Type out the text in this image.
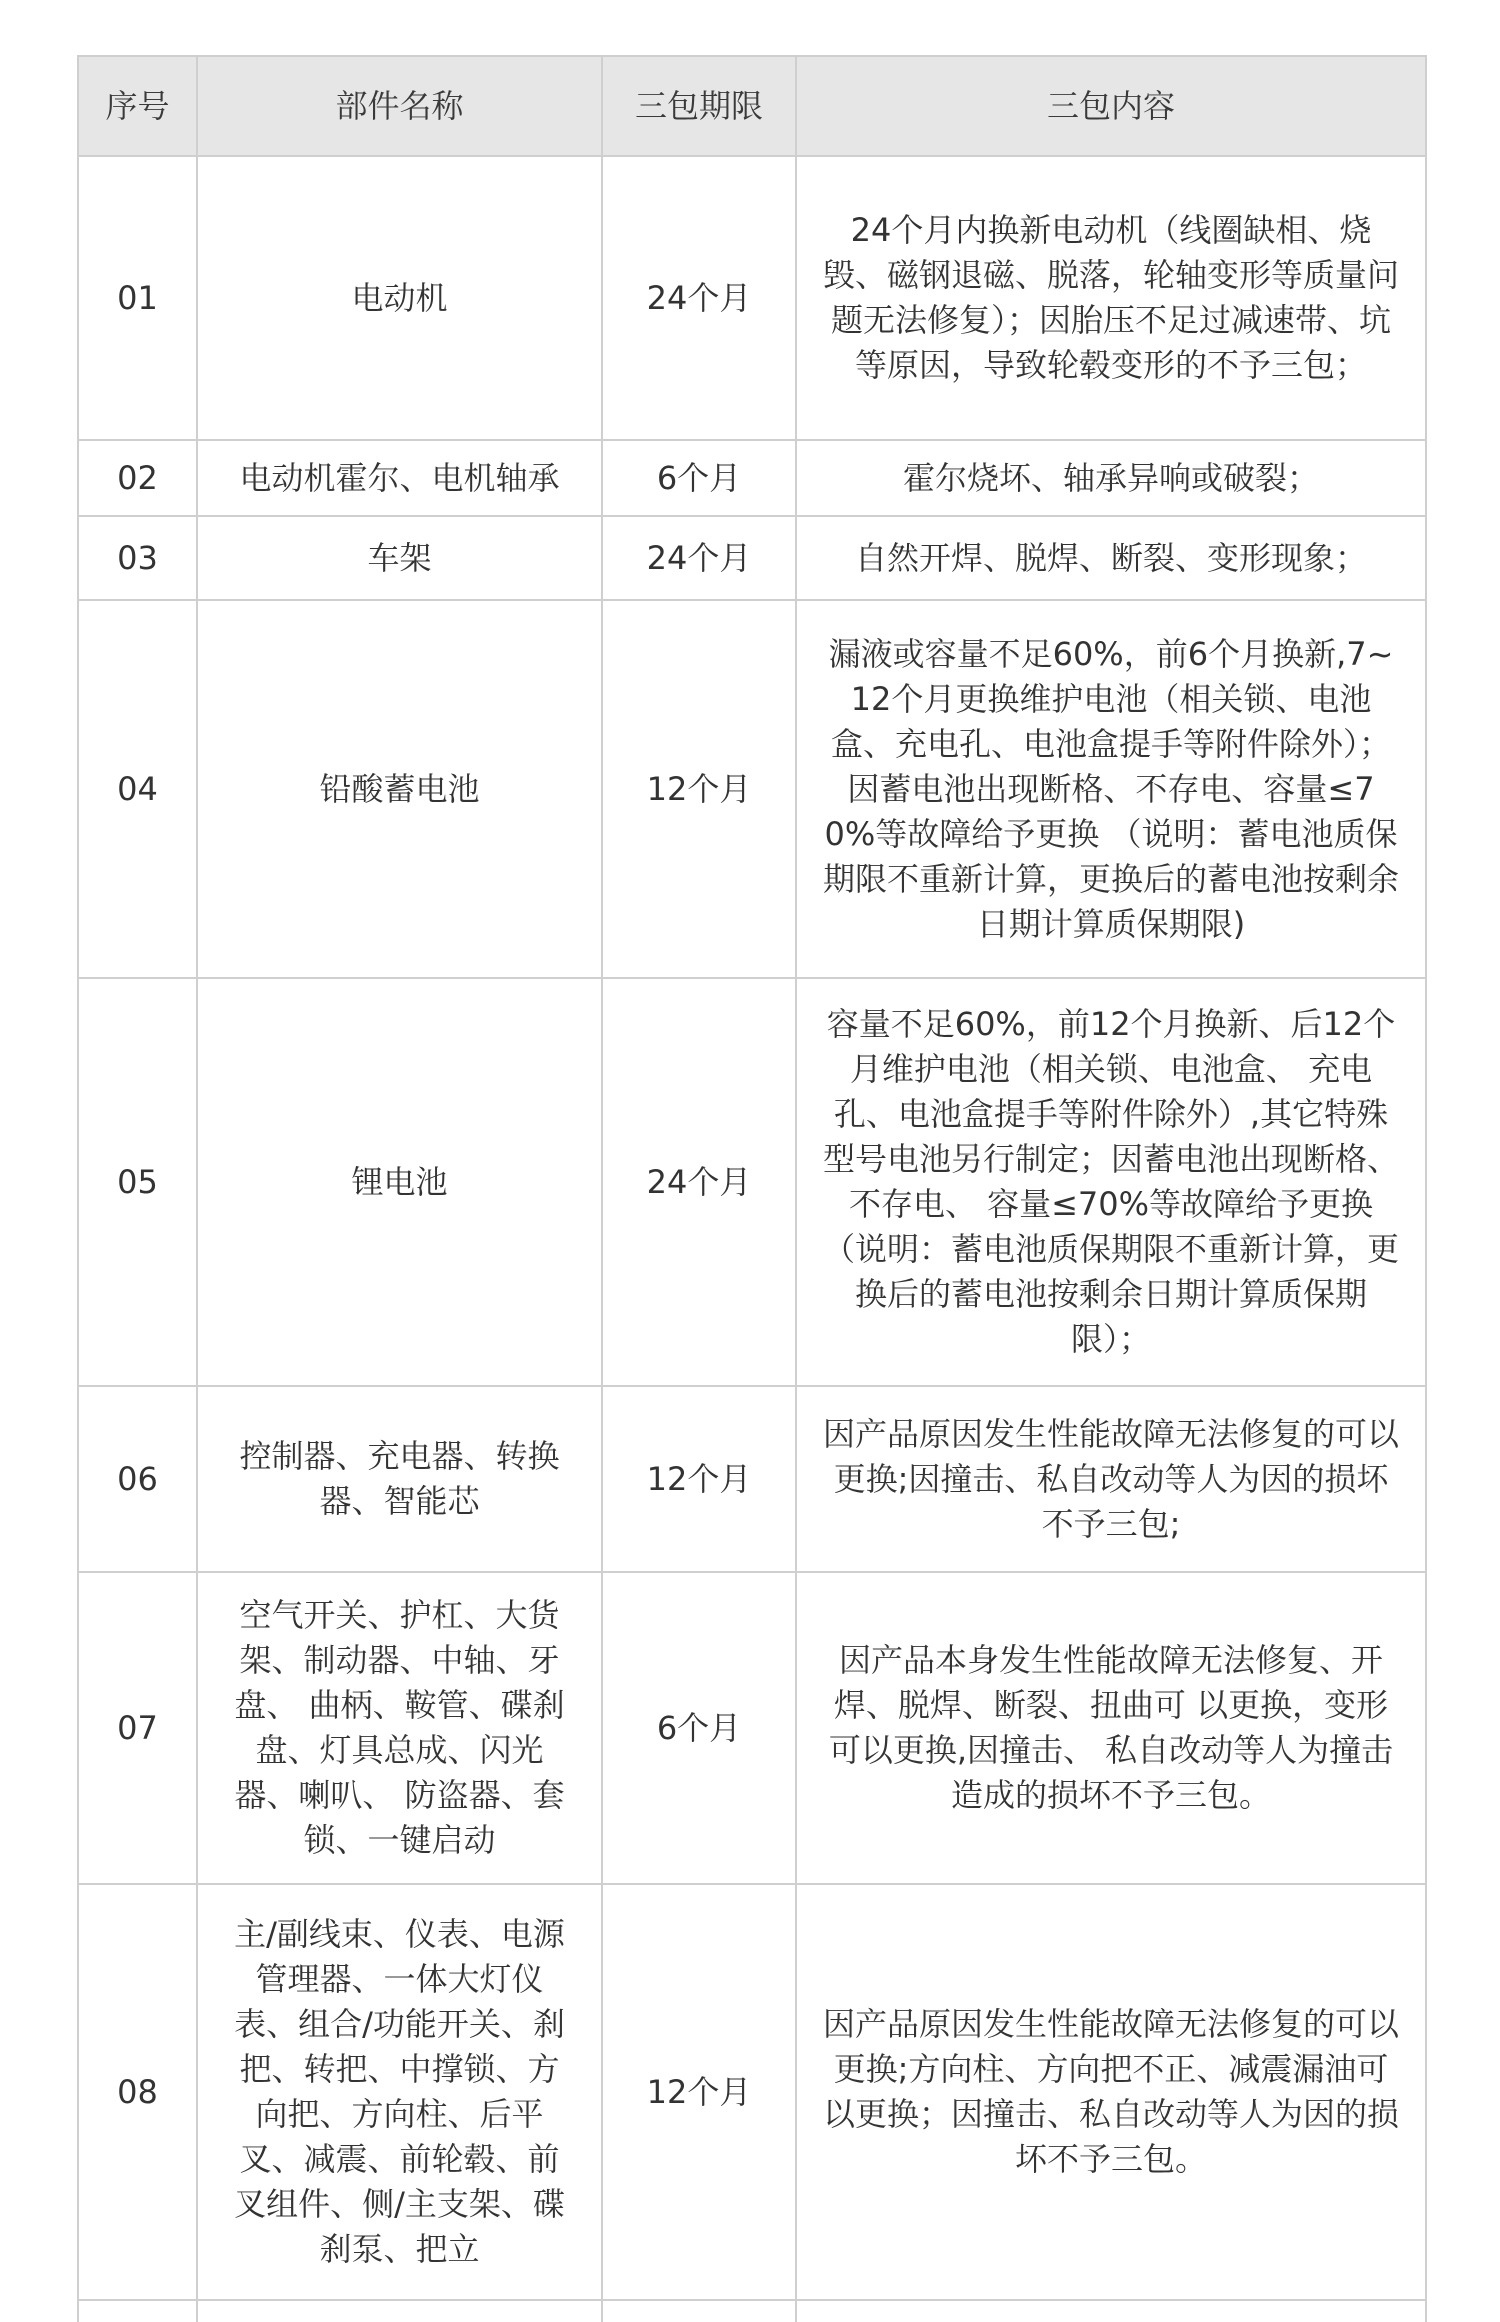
序号	部件名称	三包期限	三包内容
01	电动机	24个月	24个月内换新电动机（线圈缺相、烧毁、磁钢退磁、脱落，轮轴变形等质量问题无法修复）；因胎压不足过减速带、坑等原因，导致轮毂变形的不予三包；
02	电动机霍尔、电机轴承	6个月	霍尔烧坏、轴承异响或破裂；
03	车架	24个月	自然开焊、脱焊、断裂、变形现象；
04	铅酸蓄电池	12个月	漏液或容量不足60%，前6个月换新,7~12个月更换维护电池（相关锁、电池盒、充电孔、电池盒提手等附件除外）；因蓄电池出现断格、不存电、容量≤70%等故障给予更换 （说明：蓄电池质保期限不重新计算，更换后的蓄电池按剩余日期计算质保期限)
05	锂电池	24个月	容量不足60%，前12个月换新、后12个月维护电池（相关锁、电池盒、 充电孔、电池盒提手等附件除外）,其它特殊型号电池另行制定；因蓄电池出现断格、不存电、 容量≤70%等故障给予更换 （说明：蓄电池质保期限不重新计算，更换后的蓄电池按剩余日期计算质保期限）；
06	控制器、充电器、转换器、智能芯	12个月	因产品原因发生性能故障无法修复的可以更换;因撞击、私自改动等人为因的损坏不予三包;
07	空气开关、护杠、大货架、制动器、中轴、牙盘、 曲柄、鞍管、碟刹盘、灯具总成、闪光器、喇叭、 防盗器、套锁、一键启动	6个月	因产品本身发生性能故障无法修复、开焊、脱焊、断裂、扭曲可 以更换，变形可以更换,因撞击、 私自改动等人为撞击造成的损坏不予三包。
08	主/副线束、仪表、电源管理器、一体大灯仪表、组合/功能开关、刹把、转把、中撑锁、方向把、方向柱、后平叉、减震、前轮毂、前叉组件、侧/主支架、碟刹泵、把立	12个月	因产品原因发生性能故障无法修复的可以更换;方向柱、方向把不正、减震漏油可以更换；因撞击、私自改动等人为因的损坏不予三包。
